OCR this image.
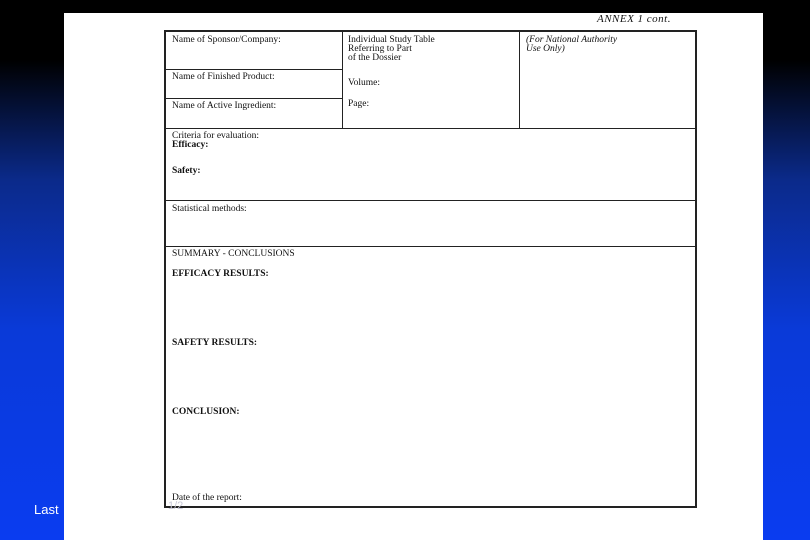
ANNEX 1 cont.
Name of Sponsor/Company:
Name of Finished Product:
Name of Active Ingredient:
Individual Study Table
Referring to Part
of the Dossier
Volume:
Page:
(For National Authority
Use Only)
Criteria for evaluation:
Efficacy:
Safety:
Statistical methods:
SUMMARY - CONCLUSIONS
EFFICACY RESULTS:
SAFETY RESULTS:
CONCLUSION:
Date of the report:
Last	1/2
